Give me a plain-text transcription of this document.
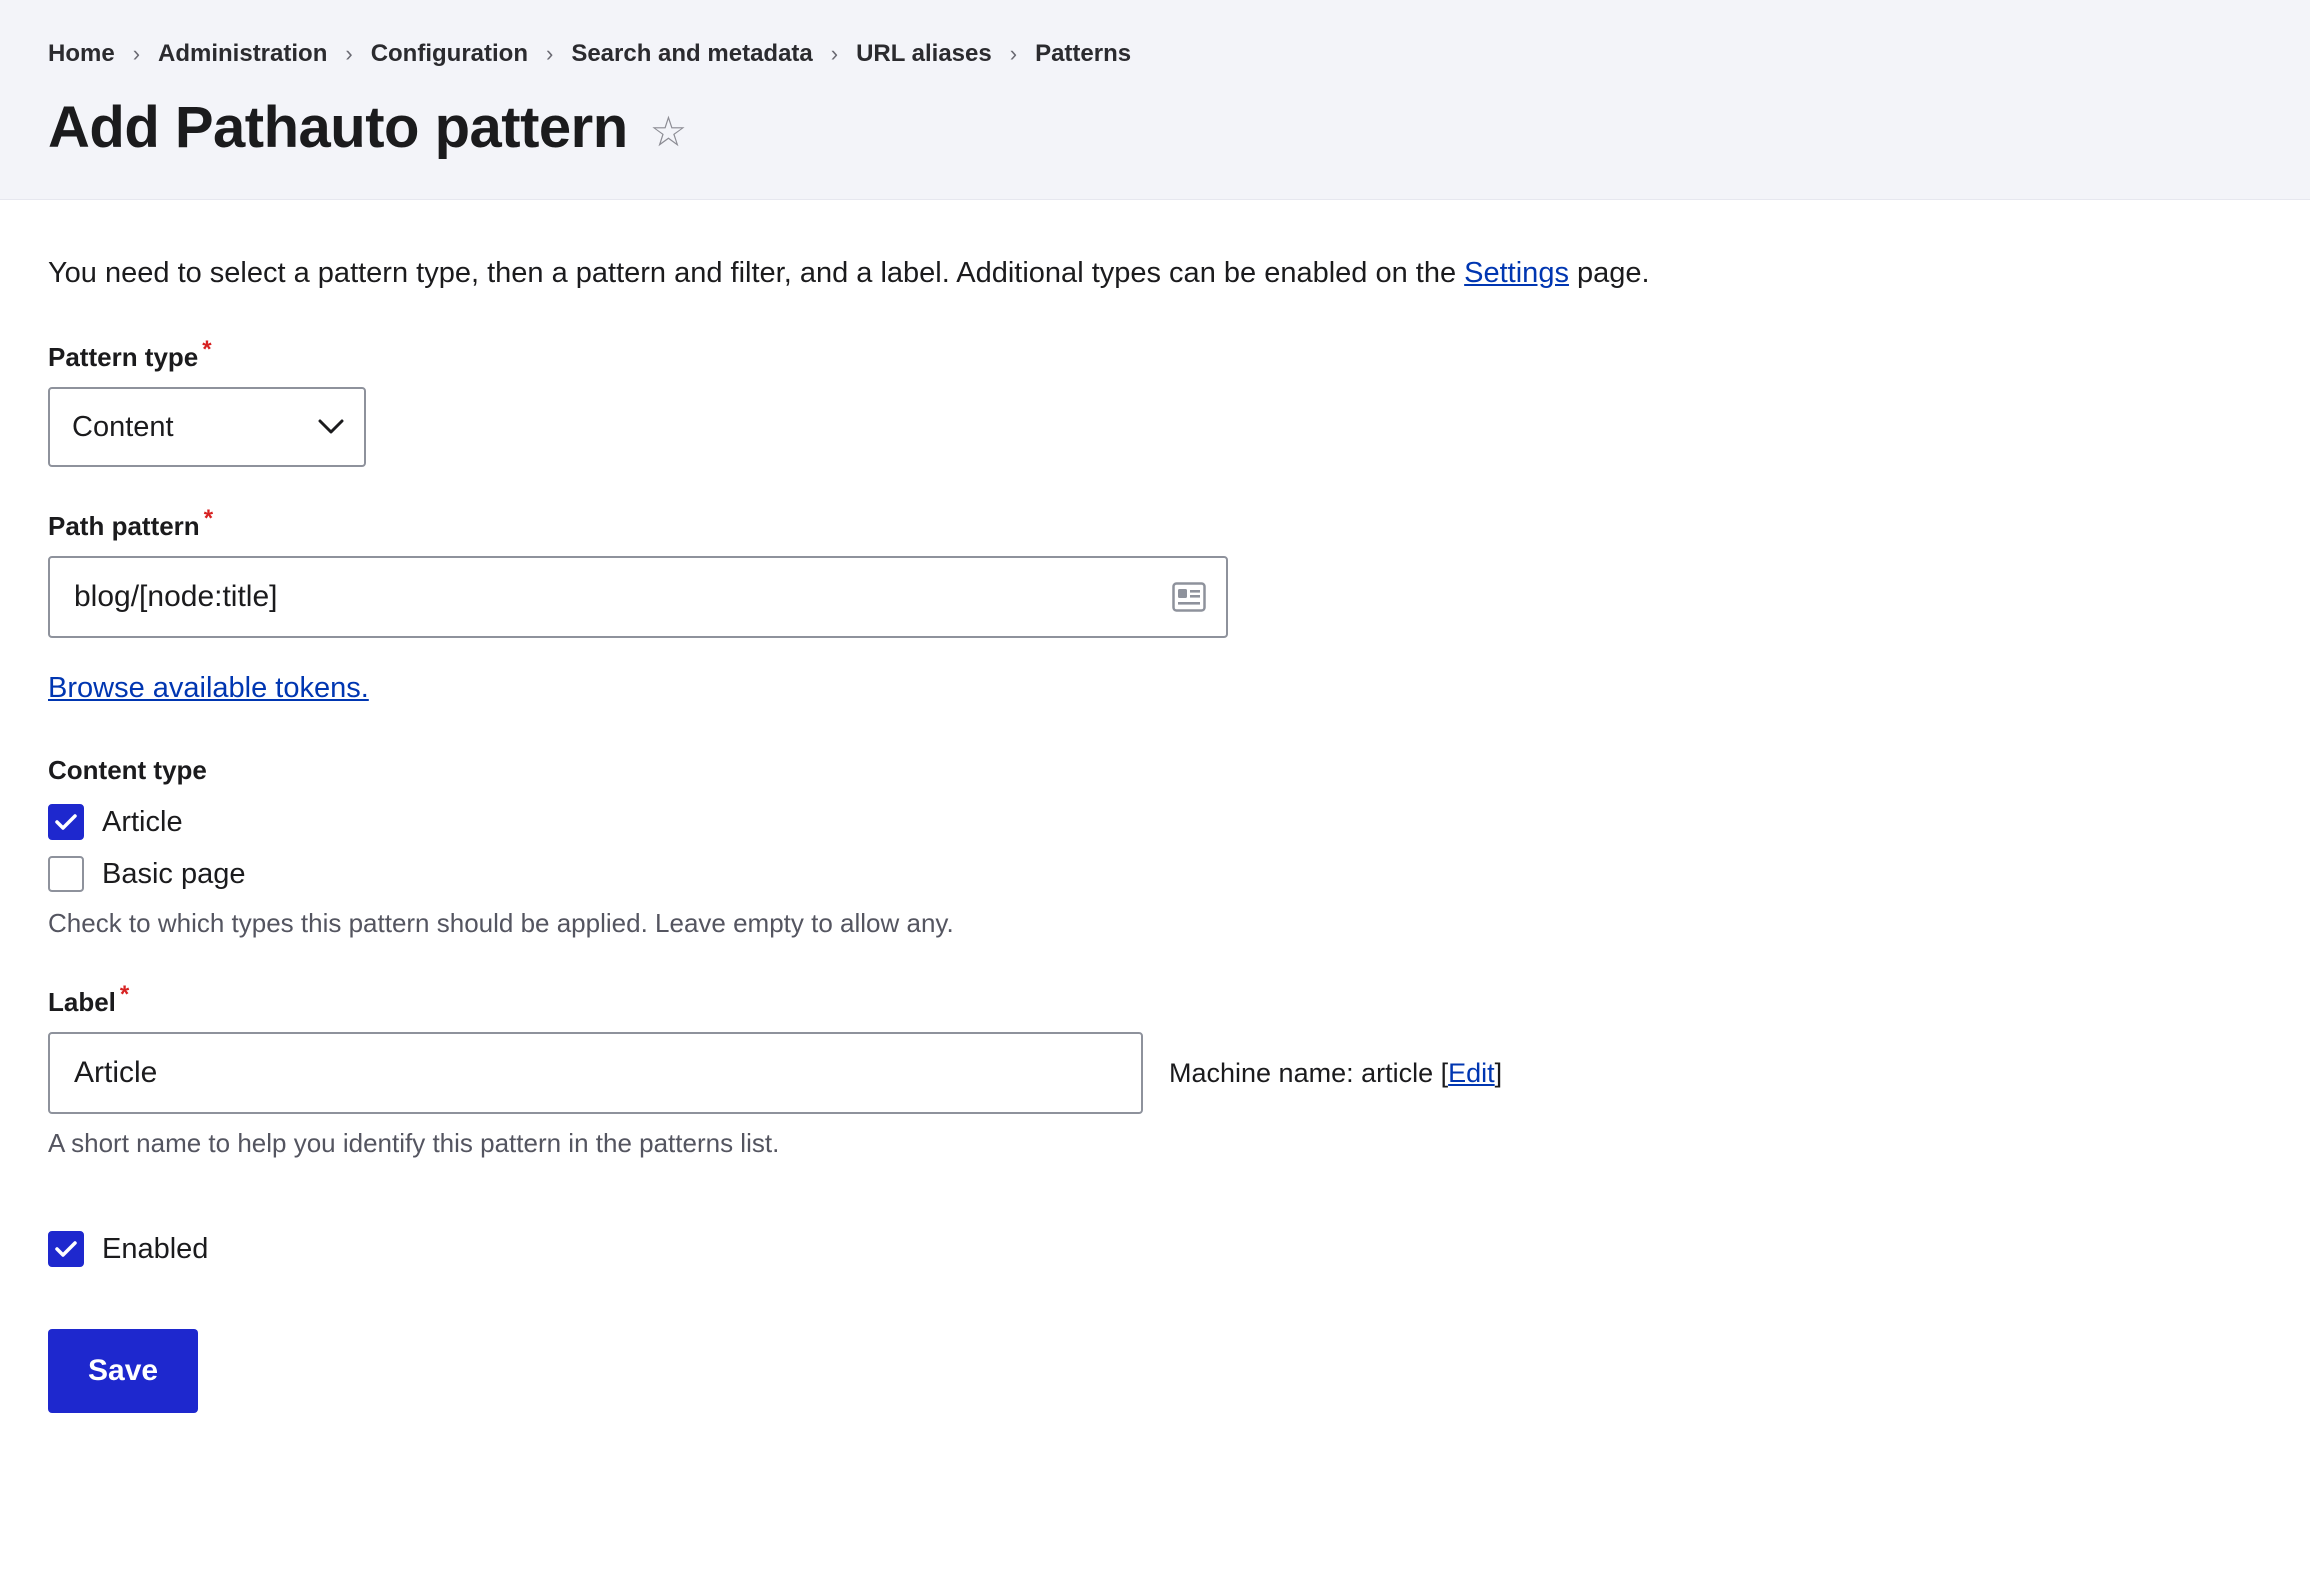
Home › Administration › Configuration › Search and metadata › URL aliases › Patterns
Add Pathauto pattern ☆

You need to select a pattern type, then a pattern and filter, and a label. Additional types can be enabled on the Settings page.

Pattern type *
Content
Path pattern *
blog/[node:title]
Browse available tokens.
Content type
Article
Basic page

Check to which types this pattern should be applied. Leave empty to allow any.

Label *
Article
Machine name: article [Edit]

A short name to help you identify this pattern in the patterns list.

Enabled
Save
